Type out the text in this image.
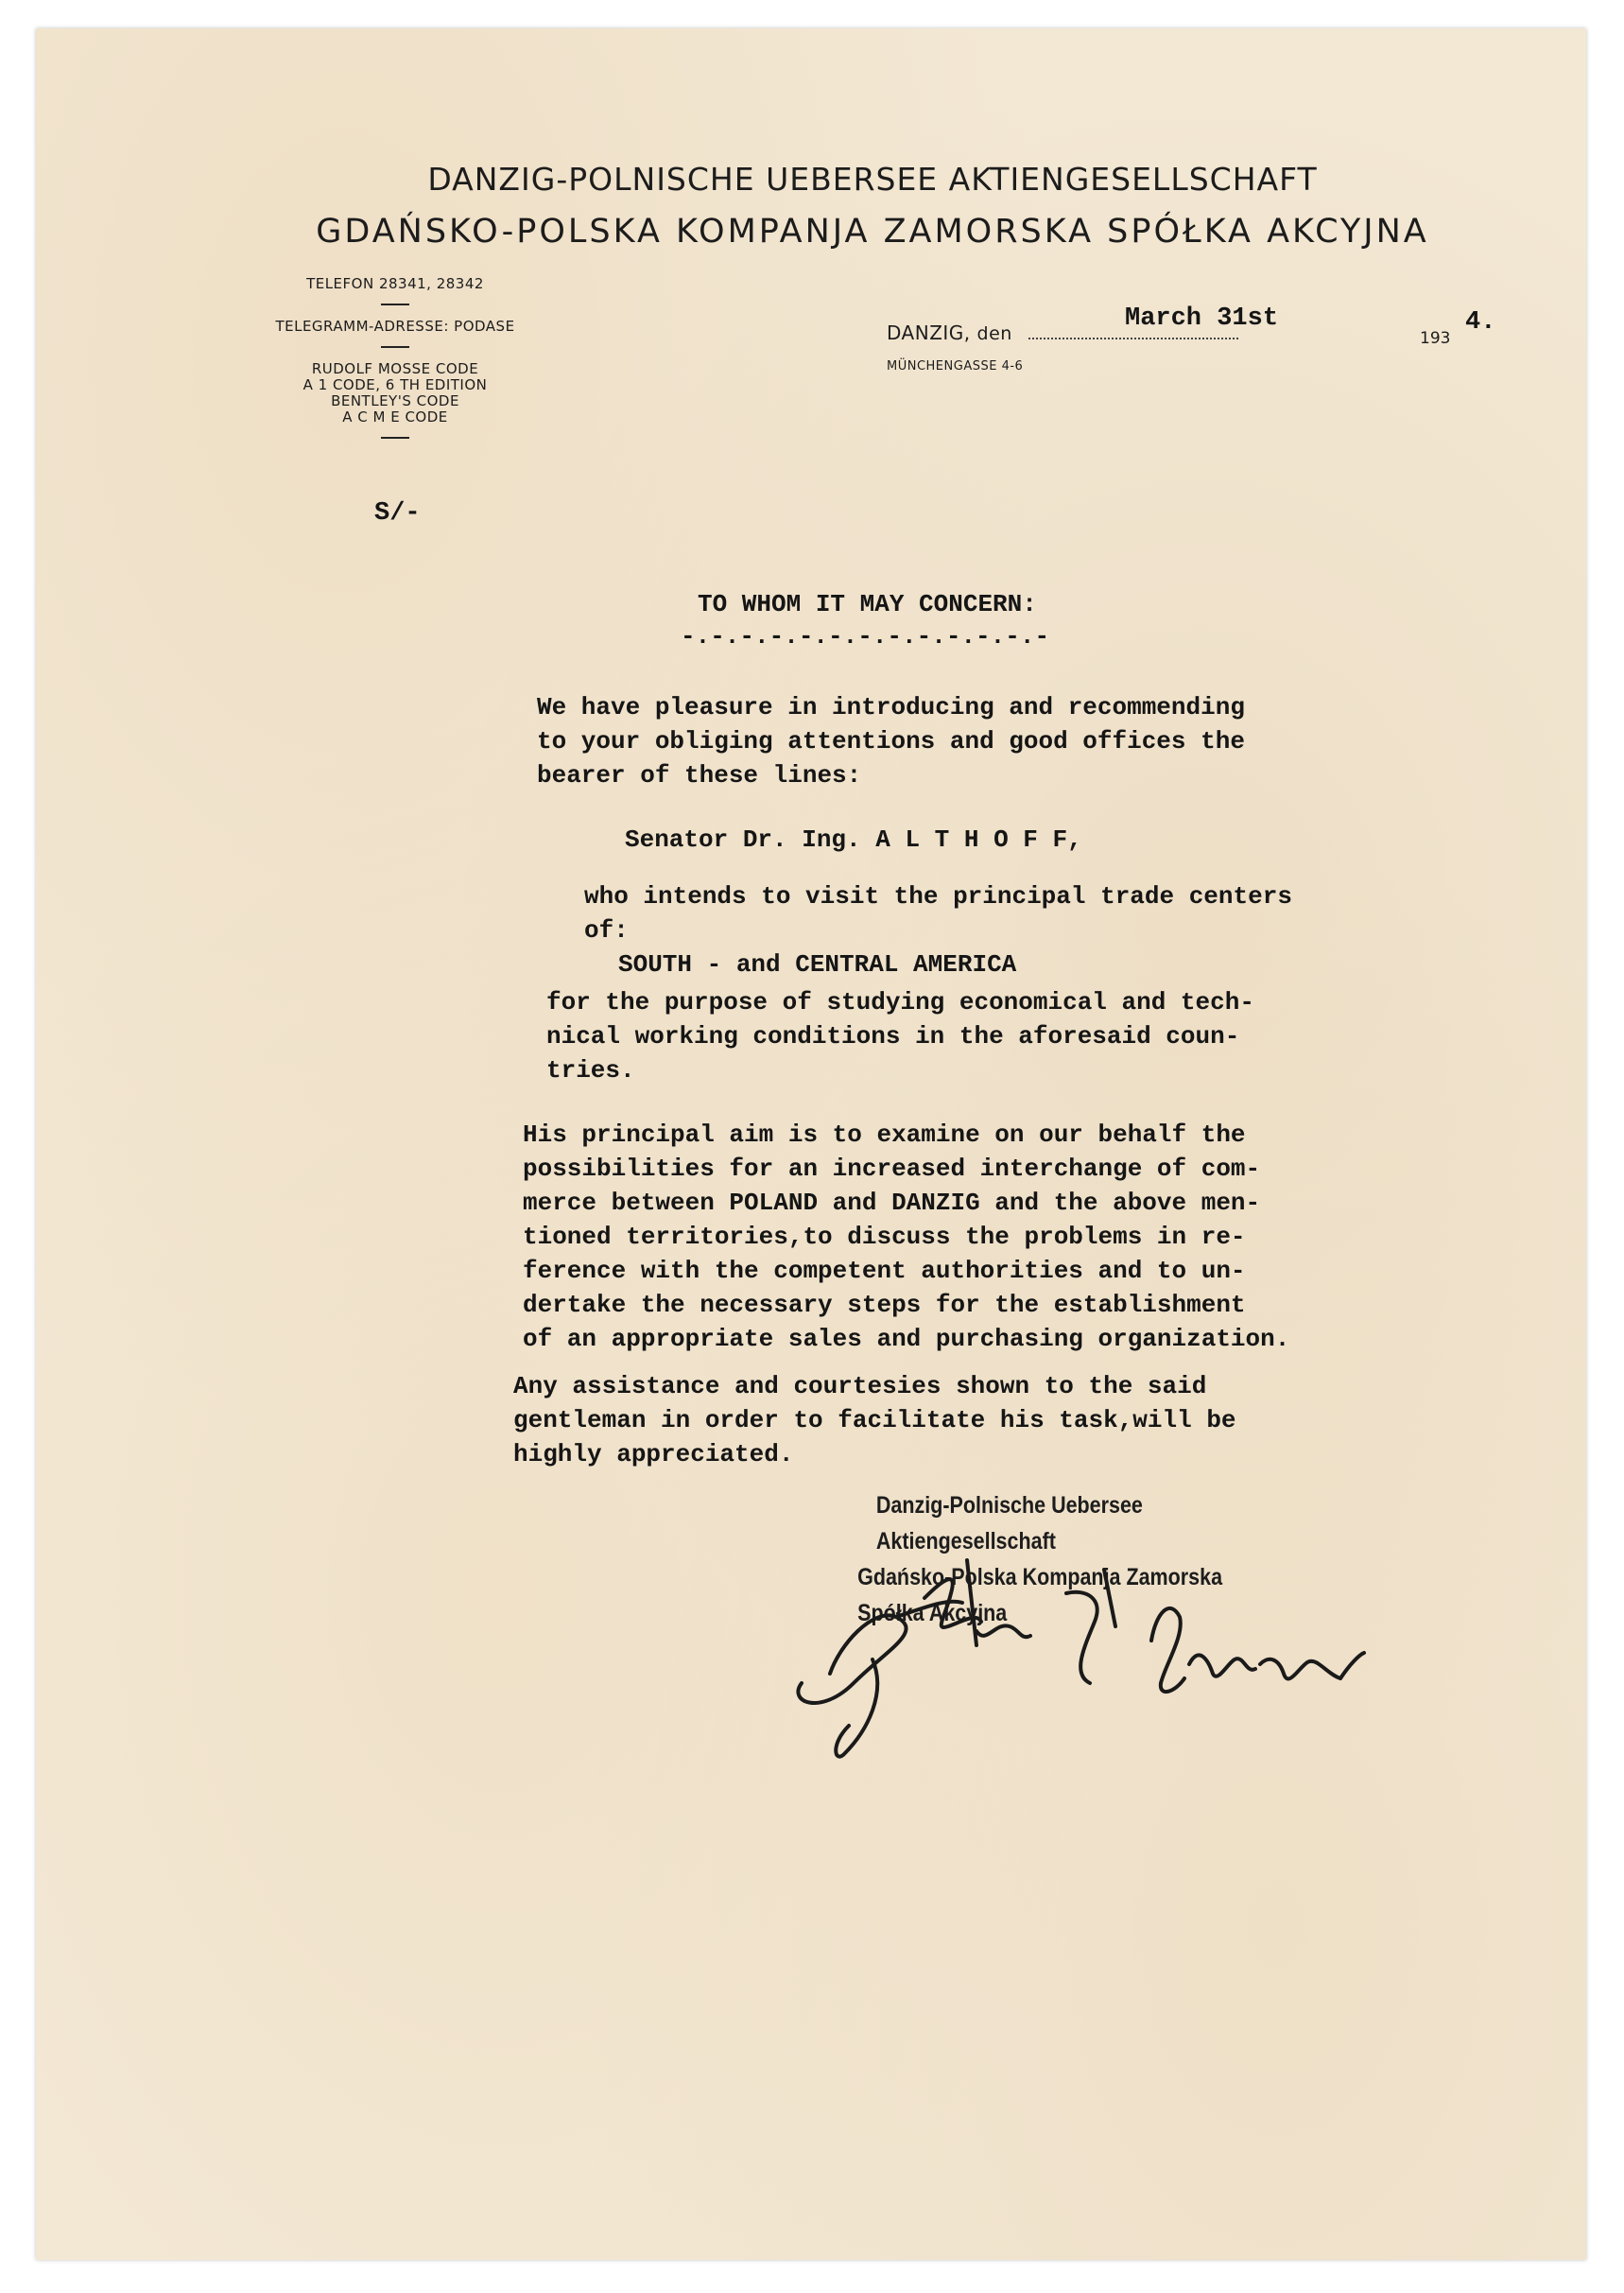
DANZIG-POLNISCHE UEBERSEE AKTIENGESELLSCHAFT
GDAŃSKO-POLSKA KOMPANJA ZAMORSKA SPÓŁKA AKCYJNA

TELEFON 28341, 28342

TELEGRAMM-ADRESSE: PODASE

RUDOLF MOSSE CODE

A 1 CODE, 6 TH EDITION

BENTLEY'S CODE

A C M E CODE

DANZIG, den
March 31st
193
4.
MÜNCHENGASSE 4-6
S/-
TO WHOM IT MAY CONCERN:
-.-.-.-.-.-.-.-.-.-.-.-.-

We have pleasure in introducing and recommending
to your obliging attentions and good offices the
bearer of these lines:

Senator Dr. Ing. A L T H O F F,

who intends to visit the principal trade centers
of:

SOUTH - and CENTRAL AMERICA

for the purpose of studying economical and tech-
nical working conditions in the aforesaid coun-
tries.

His principal aim is to examine on our behalf the
possibilities for an increased interchange of com-
merce between POLAND and DANZIG and the above men-
tioned territories,to discuss the problems in re-
ference with the competent authorities and to un-
dertake the necessary steps for the establishment
of an appropriate sales and purchasing organization.

Any assistance and courtesies shown to the said
gentleman in order to facilitate his task,will be
highly appreciated.

Danzig-Polnische Uebersee Aktiengesellschaft
Gdańsko-Polska Kompanja Zamorska Spółka Akcyjna
